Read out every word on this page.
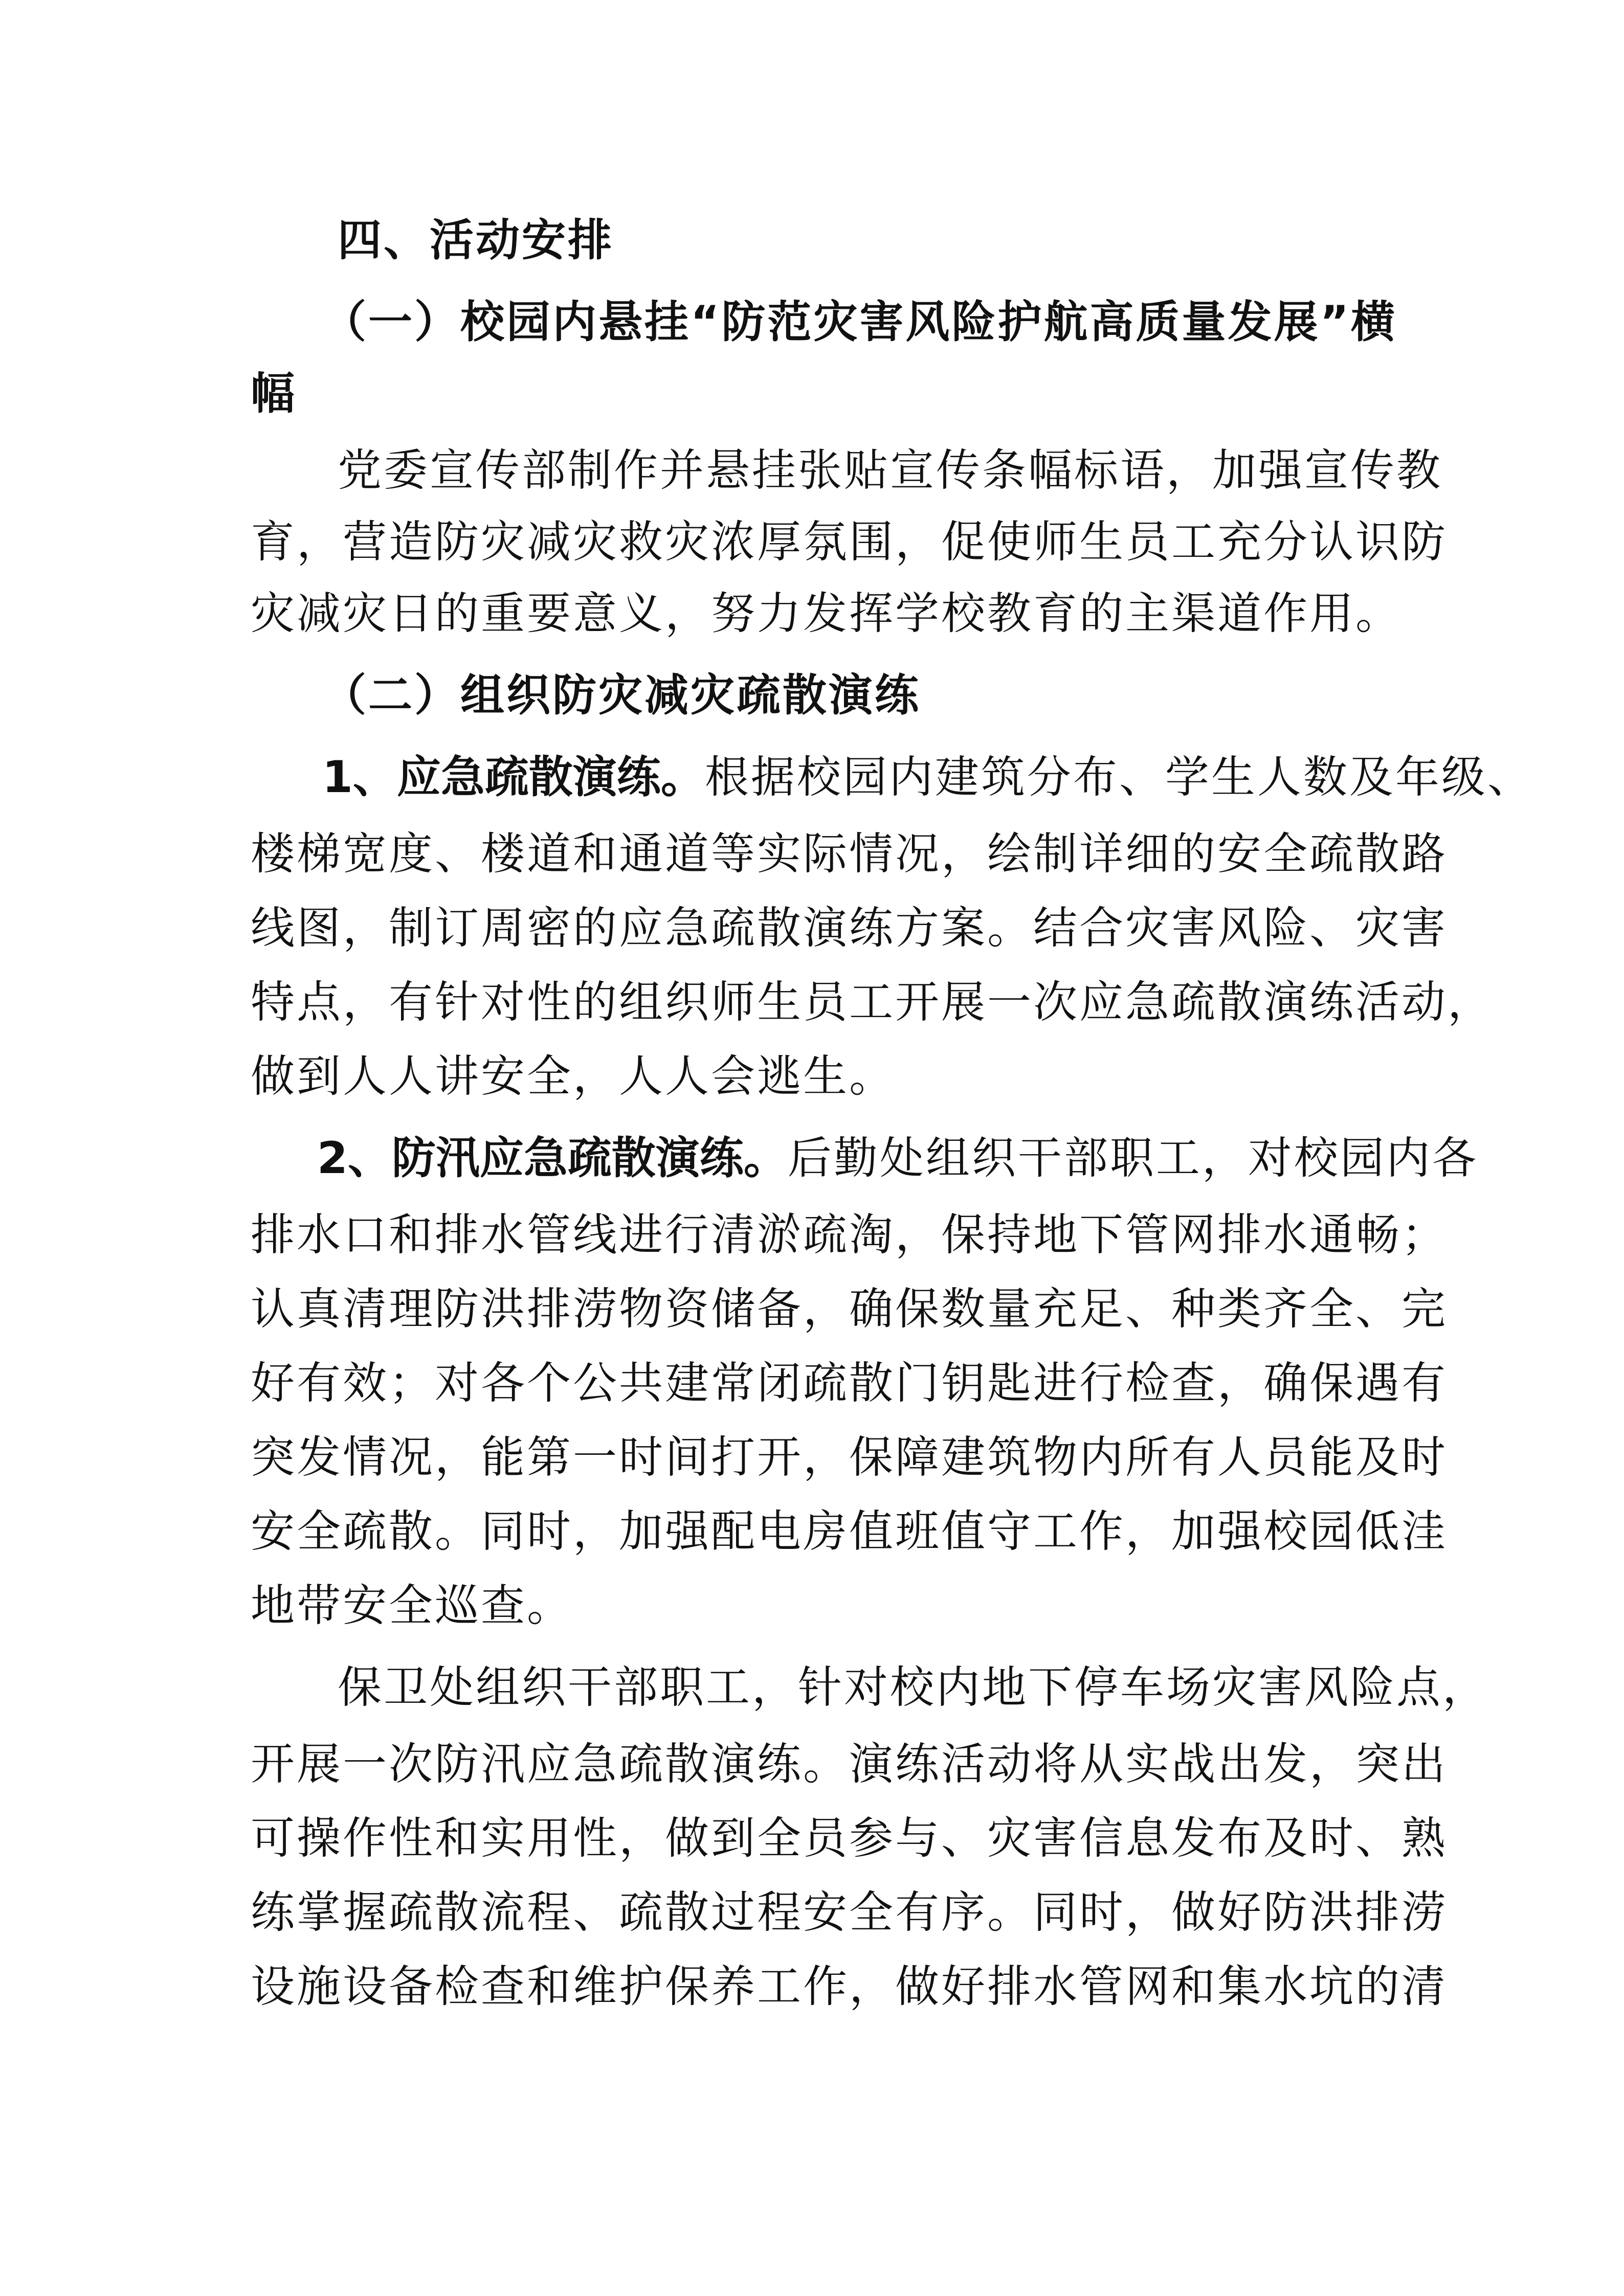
四、活动安排
（一）校园内悬挂“防范灾害风险护航高质量发展”横
幅
党委宣传部制作并悬挂张贴宣传条幅标语，加强宣传教
育，营造防灾减灾救灾浓厚氛围，促使师生员工充分认识防
灾减灾日的重要意义，努力发挥学校教育的主渠道作用。
（二）组织防灾减灾疏散演练
1、应急疏散演练。根据校园内建筑分布、学生人数及年级、
楼梯宽度、楼道和通道等实际情况，绘制详细的安全疏散路
线图，制订周密的应急疏散演练方案。结合灾害风险、灾害
特点，有针对性的组织师生员工开展一次应急疏散演练活动，
做到人人讲安全，人人会逃生。
2、防汛应急疏散演练。后勤处组织干部职工，对校园内各
排水口和排水管线进行清淤疏淘，保持地下管网排水通畅；
认真清理防洪排涝物资储备，确保数量充足、种类齐全、完
好有效；对各个公共建常闭疏散门钥匙进行检查，确保遇有
突发情况，能第一时间打开，保障建筑物内所有人员能及时
安全疏散。同时，加强配电房值班值守工作，加强校园低洼
地带安全巡查。
保卫处组织干部职工，针对校内地下停车场灾害风险点，
开展一次防汛应急疏散演练。演练活动将从实战出发，突出
可操作性和实用性，做到全员参与、灾害信息发布及时、熟
练掌握疏散流程、疏散过程安全有序。同时，做好防洪排涝
设施设备检查和维护保养工作，做好排水管网和集水坑的清
